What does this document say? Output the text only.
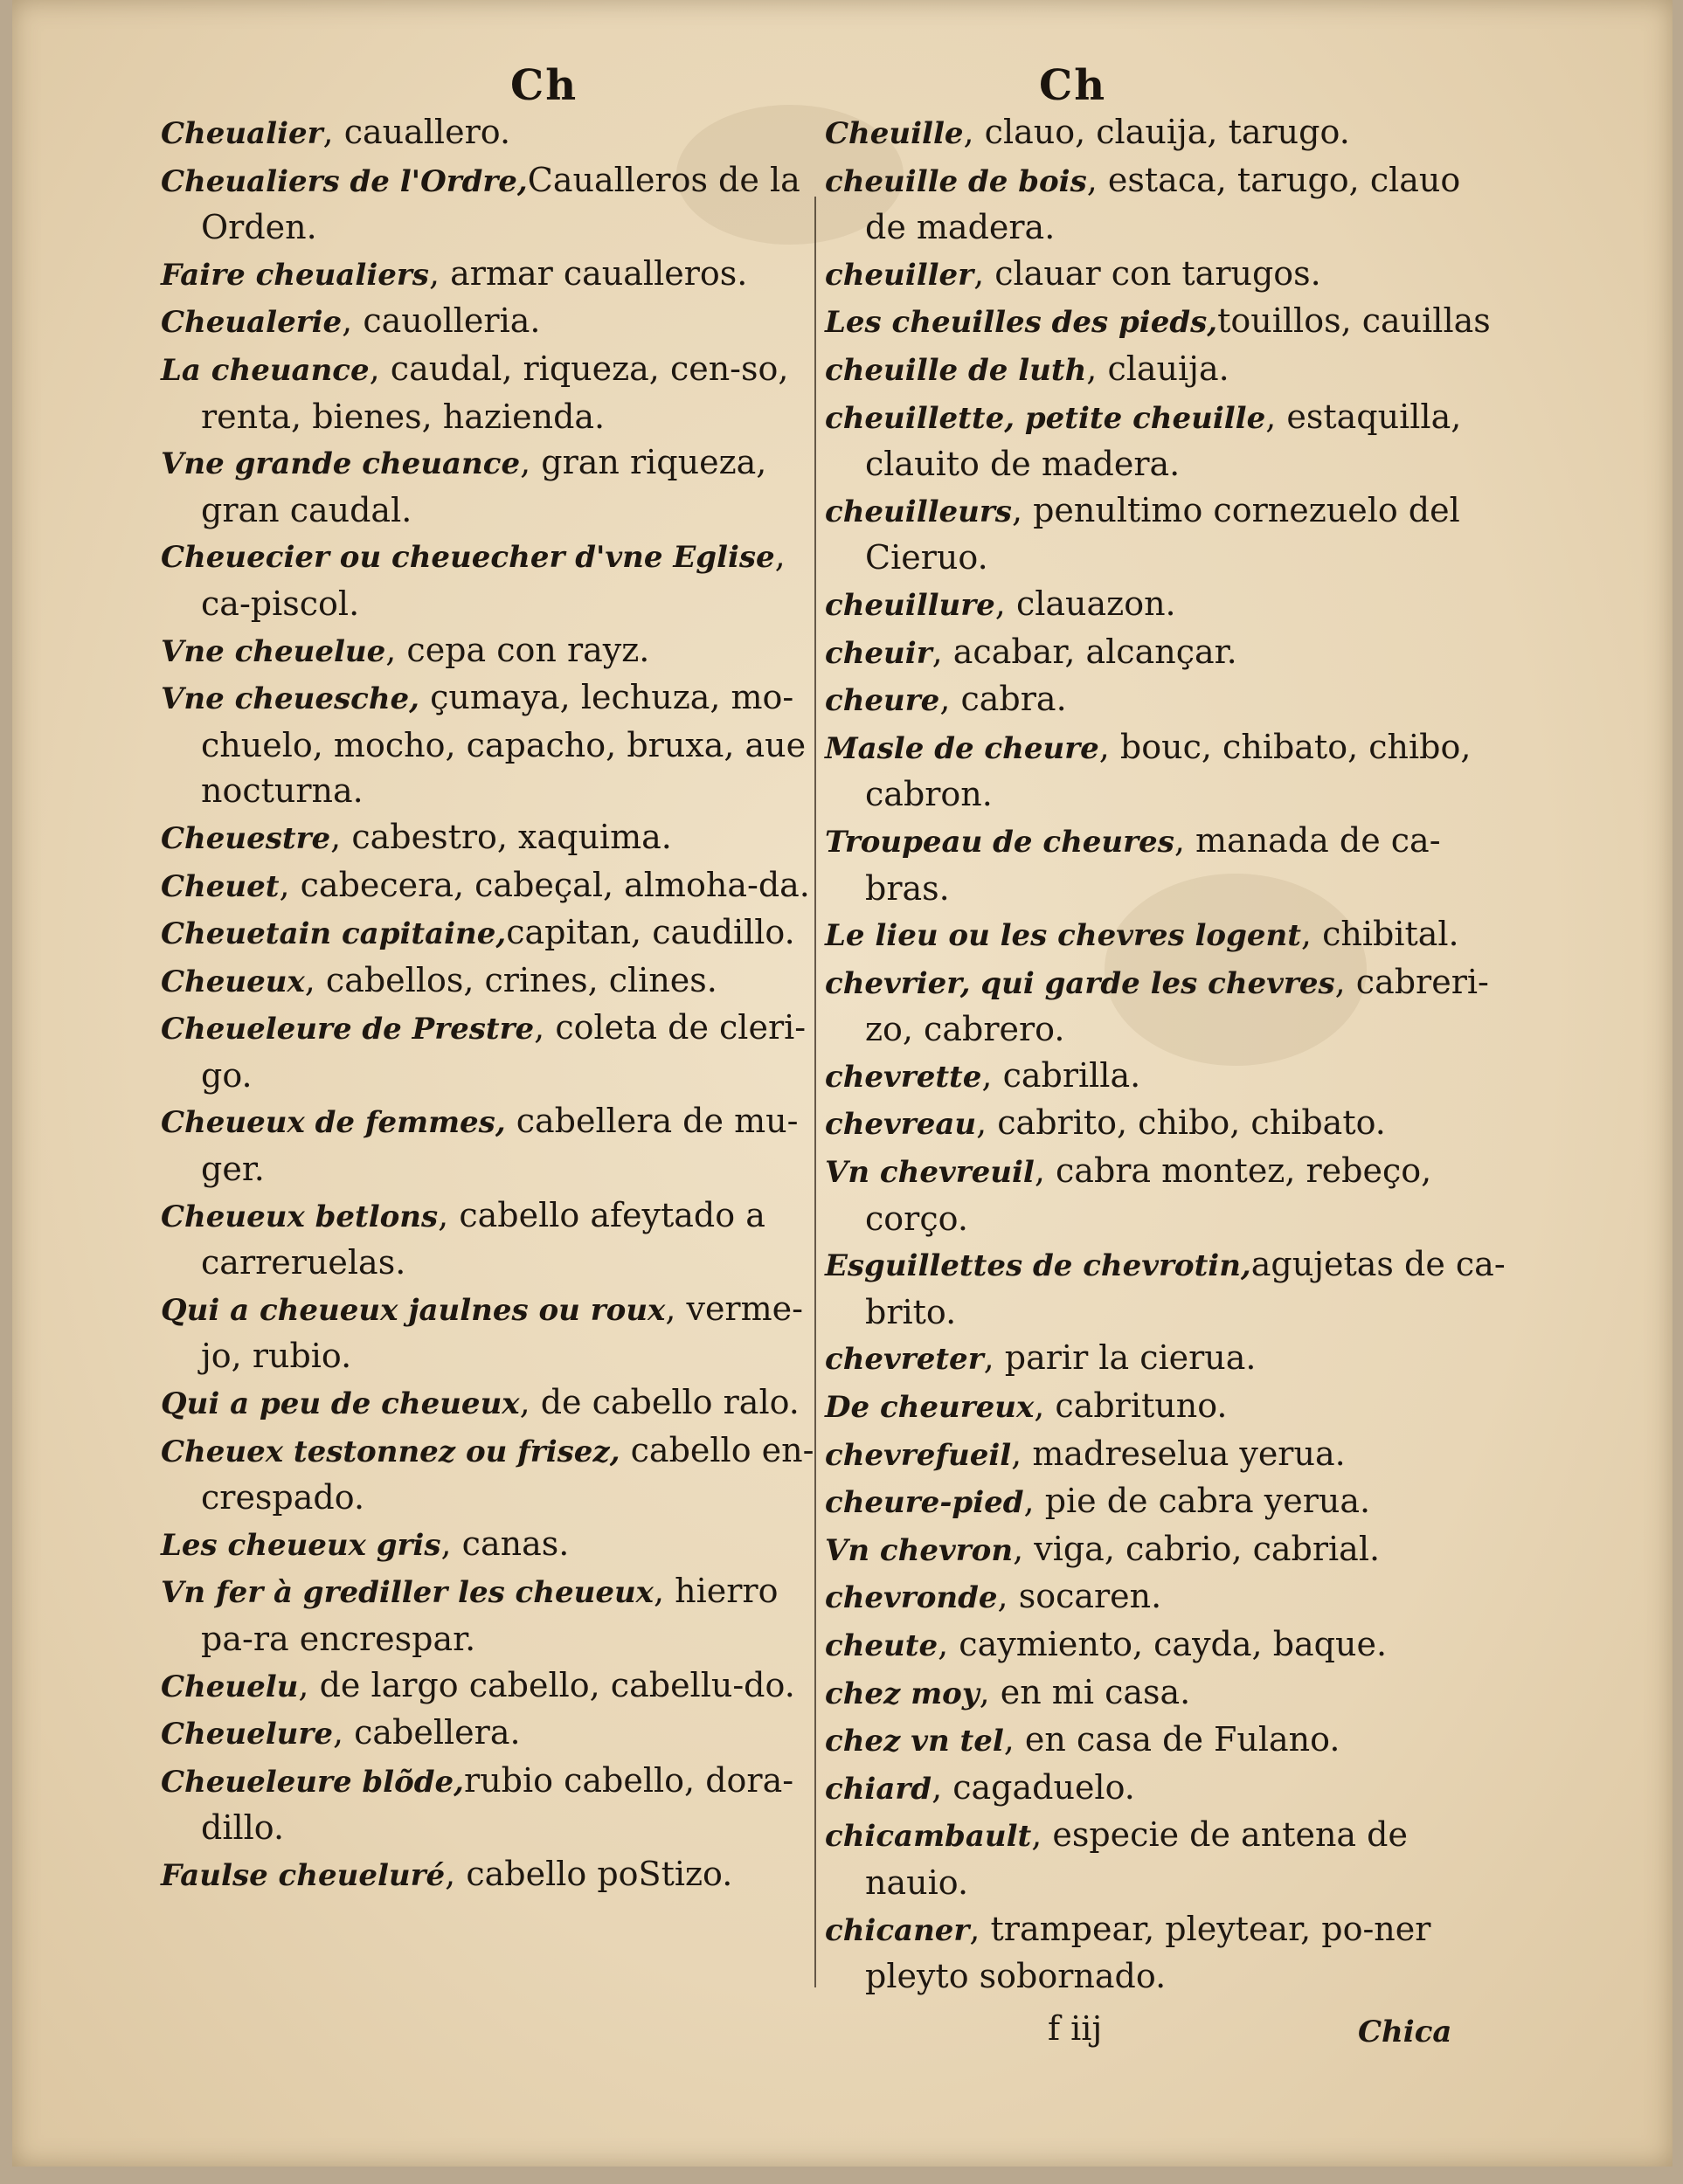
Ch	Ch
Cheualier, cauallero.
Cheualiers de l'Ordre,Caualleros de la Orden.
Faire cheualiers, armar caualleros.
Cheualerie, cauolleria.
La cheuance, caudal, riqueza, cen-so, renta, bienes, hazienda.
Vne grande cheuance, gran riqueza, gran caudal.
Cheuecier ou cheuecher d'vne Eglise, ca-piscol.
Vne cheuelue, cepa con rayz.
Vne cheuesche, çumaya, lechuza, mo-chuelo, mocho, capacho, bruxa, aue nocturna.
Cheuestre, cabestro, xaquima.
Cheuet, cabecera, cabeçal, almoha-da.
Cheuetain capitaine,capitan, caudillo.
Cheueux, cabellos, crines, clines.
Cheueleure de Prestre, coleta de cleri-go.
Cheueux de femmes, cabellera de mu-ger.
Cheueux betlons, cabello afeytado a carreruelas.
Qui a cheueux jaulnes ou roux, verme-jo, rubio.
Qui a peu de cheueux, de cabello ralo.
Cheuex testonnez ou frisez, cabello en-crespado.
Les cheueux gris, canas.
Vn fer à grediller les cheueux, hierro pa-ra encrespar.
Cheuelu, de largo cabello, cabellu-do.
Cheuelure, cabellera.
Cheueleure blõde,rubio cabello, dora-dillo.
Faulse cheueluré, cabello poStizo.
Cheuille, clauo, clauija, tarugo.
cheuille de bois, estaca, tarugo, clauo de madera.
cheuiller, clauar con tarugos.
Les cheuilles des pieds,touillos, cauillas
cheuille de luth, clauija.
cheuillette, petite cheuille, estaquilla, clauito de madera.
cheuilleurs, penultimo cornezuelo del Cieruo.
cheuillure, clauazon.
cheuir, acabar, alcançar.
cheure, cabra.
Masle de cheure, bouc, chibato, chibo, cabron.
Troupeau de cheures, manada de ca-bras.
Le lieu ou les chevres logent, chibital.
chevrier, qui garde les chevres, cabreri-zo, cabrero.
chevrette, cabrilla.
chevreau, cabrito, chibo, chibato.
Vn chevreuil, cabra montez, rebeço, corço.
Esguillettes de chevrotin,agujetas de ca-brito.
chevreter, parir la cierua.
De cheureux, cabrituno.
chevrefueil, madreselua yerua.
cheure-pied, pie de cabra yerua.
Vn chevron, viga, cabrio, cabrial.
chevronde, socaren.
cheute, caymiento, cayda, baque.
chez moy, en mi casa.
chez vn tel, en casa de Fulano.
chiard, cagaduelo.
chicambault, especie de antena de nauio.
chicaner, trampear, pleytear, po-ner pleyto sobornado.
f iij	Chica
